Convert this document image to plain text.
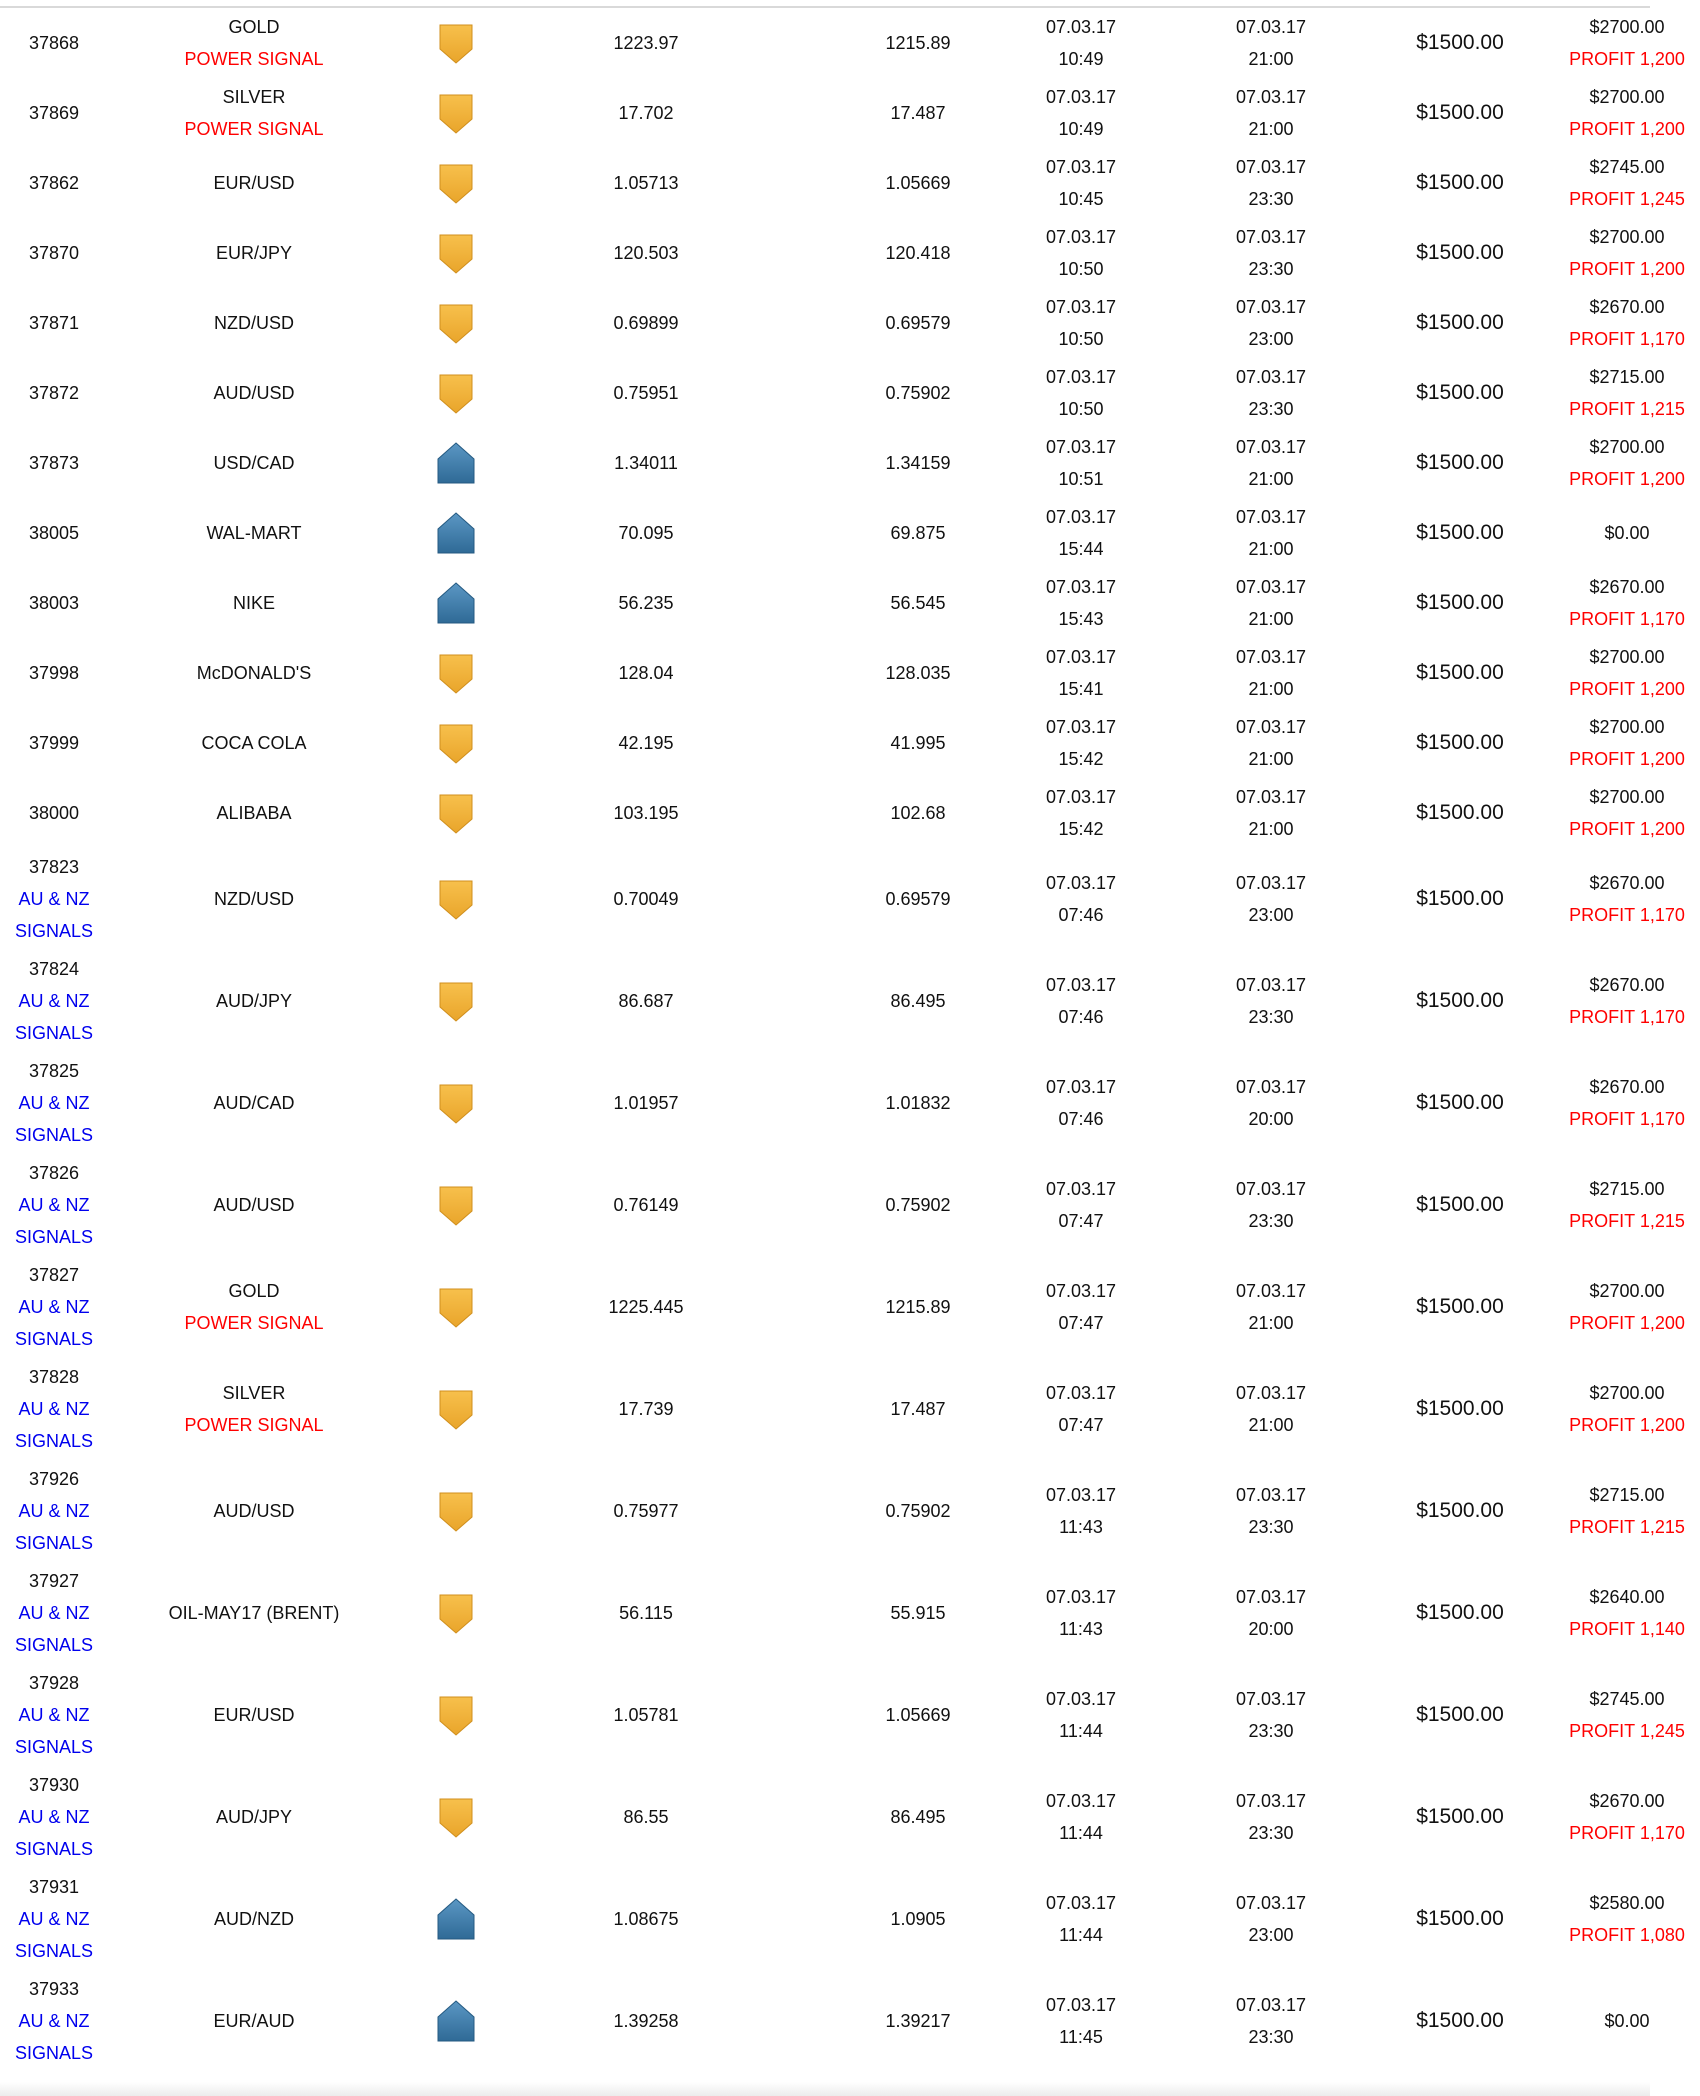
37868	GOLD
POWER SIGNAL		1223.97		1215.89	07.03.17
10:49	07.03.17
21:00	$1500.00	$2700.00
PROFIT 1,200

37869	SILVER
POWER SIGNAL		17.702		17.487	07.03.17
10:49	07.03.17
21:00	$1500.00	$2700.00
PROFIT 1,200

37862	EUR/USD		1.05713		1.05669	07.03.17
10:45	07.03.17
23:30	$1500.00	$2745.00
PROFIT 1,245

37870	EUR/JPY		120.503		120.418	07.03.17
10:50	07.03.17
23:30	$1500.00	$2700.00
PROFIT 1,200

37871	NZD/USD		0.69899		0.69579	07.03.17
10:50	07.03.17
23:00	$1500.00	$2670.00
PROFIT 1,170

37872	AUD/USD		0.75951		0.75902	07.03.17
10:50	07.03.17
23:30	$1500.00	$2715.00
PROFIT 1,215

37873	USD/CAD		1.34011		1.34159	07.03.17
10:51	07.03.17
21:00	$1500.00	$2700.00
PROFIT 1,200

38005	WAL-MART		70.095		69.875	07.03.17
15:44	07.03.17
21:00	$1500.00	$0.00

38003	NIKE		56.235		56.545	07.03.17
15:43	07.03.17
21:00	$1500.00	$2670.00
PROFIT 1,170

37998	McDONALD'S		128.04		128.035	07.03.17
15:41	07.03.17
21:00	$1500.00	$2700.00
PROFIT 1,200

37999	COCA COLA		42.195		41.995	07.03.17
15:42	07.03.17
21:00	$1500.00	$2700.00
PROFIT 1,200

38000	ALIBABA		103.195		102.68	07.03.17
15:42	07.03.17
21:00	$1500.00	$2700.00
PROFIT 1,200

37823
AU & NZ
SIGNALS	NZD/USD		0.70049		0.69579	07.03.17
07:46	07.03.17
23:00	$1500.00	$2670.00
PROFIT 1,170

37824
AU & NZ
SIGNALS	AUD/JPY		86.687		86.495	07.03.17
07:46	07.03.17
23:30	$1500.00	$2670.00
PROFIT 1,170

37825
AU & NZ
SIGNALS	AUD/CAD		1.01957		1.01832	07.03.17
07:46	07.03.17
20:00	$1500.00	$2670.00
PROFIT 1,170

37826
AU & NZ
SIGNALS	AUD/USD		0.76149		0.75902	07.03.17
07:47	07.03.17
23:30	$1500.00	$2715.00
PROFIT 1,215

37827
AU & NZ
SIGNALS	GOLD
POWER SIGNAL		1225.445		1215.89	07.03.17
07:47	07.03.17
21:00	$1500.00	$2700.00
PROFIT 1,200

37828
AU & NZ
SIGNALS	SILVER
POWER SIGNAL		17.739		17.487	07.03.17
07:47	07.03.17
21:00	$1500.00	$2700.00
PROFIT 1,200

37926
AU & NZ
SIGNALS	AUD/USD		0.75977		0.75902	07.03.17
11:43	07.03.17
23:30	$1500.00	$2715.00
PROFIT 1,215

37927
AU & NZ
SIGNALS	OIL-MAY17 (BRENT)		56.115		55.915	07.03.17
11:43	07.03.17
20:00	$1500.00	$2640.00
PROFIT 1,140

37928
AU & NZ
SIGNALS	EUR/USD		1.05781		1.05669	07.03.17
11:44	07.03.17
23:30	$1500.00	$2745.00
PROFIT 1,245

37930
AU & NZ
SIGNALS	AUD/JPY		86.55		86.495	07.03.17
11:44	07.03.17
23:30	$1500.00	$2670.00
PROFIT 1,170

37931
AU & NZ
SIGNALS	AUD/NZD		1.08675		1.0905	07.03.17
11:44	07.03.17
23:00	$1500.00	$2580.00
PROFIT 1,080

37933
AU & NZ
SIGNALS	EUR/AUD		1.39258		1.39217	07.03.17
11:45	07.03.17
23:30	$1500.00	$0.00
